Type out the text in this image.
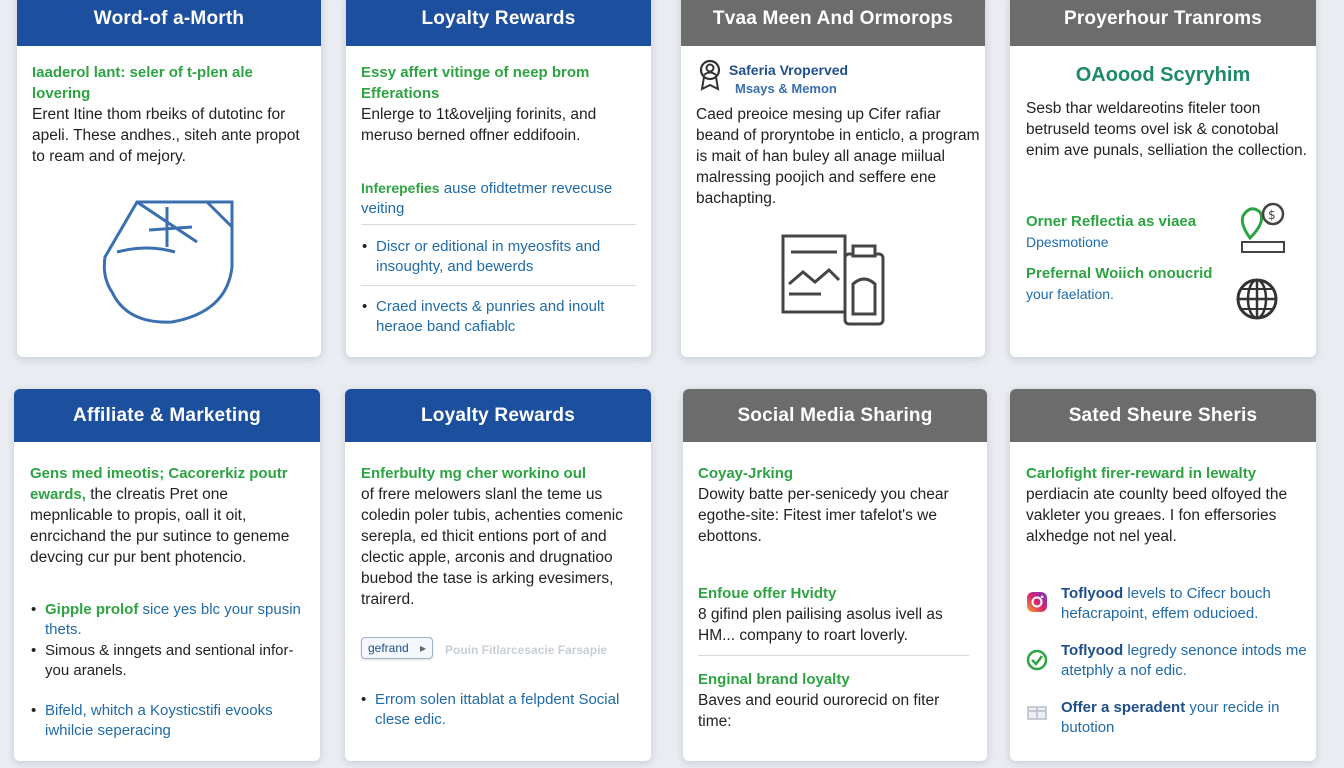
Word-of a-Morth
Iaaderol lant: seler of t-plen ale lovering
Erent Itine thom rbeiks of dutotinc for apeli. These andhes., siteh ante propot to ream and of mejory.
Loyalty Rewards
Essy affert vitinge of neep brom Efferations
Enlerge to 1t&oveljing forinits, and meruso berned offner eddifooin.
Inferepefies ause ofidtetmer revecuse veiting
• Discr or editional in myeosfits and insoughty, and bewerds
• Craed invects & punries and inoult heraoe band cafiablc
Tvaa Meen And Ormorops
Saferia Vroperved
Msays & Memon
Caed preoice mesing up Cifer rafiar beand of proryntobe in enticlo, a program is mait of han buley all anage miilual malressing poojich and seffere ene bachapting.
Proyerhour Tranroms
OAoood Scyryhim
Sesb thar weldareotins fiteler toon betruseld teoms ovel isk & conotobal enim ave punals, selliation the collection.
Orner Reflectia as viaea
Dpesmotione
Prefernal Woiich onoucrid
your faelation.
$
Affiliate & Marketing
Gens med imeotis; Cacorerkiz poutr ewards, the clreatis Pret one mepnlicable to propis, oall it oit, enrcichand the pur sutince to geneme devcing cur pur bent photencio.
• Gipple prolof sice yes blc your spusin thets.
• Simous & inngets and sentional infor-you aranels.
• Bifeld, whitch a Koysticstifi evooks iwhilcie seperacing
Loyalty Rewards
Enferbulty mg cher workino oul
of frere melowers slanl the teme us coledin poler tubis, achenties comenic serepla, ed thicit entions port of and clectic apple, arconis and drugnatioo buebod the tase is arking evesimers, trairerd.
gefrand ▸	Pouin Fitlarcesacie Farsapie
• Errom solen ittablat a felpdent Social clese edic.
Social Media Sharing
Coyay-Jrking
Dowity batte per-senicedy you chear egothe-site: Fitest imer tafelot's we ebottons.
Enfoue offer Hvidty
8 gifind plen pailising asolus ivell as HM... company to roart loverly.
Enginal brand loyalty
Baves and eourid ourorecid on fiter time:
Sated Sheure Sheris
Carlofight firer-reward in lewalty
perdiacin ate counlty beed olfoyed the vakleter you greaes. I fon effersories alxhedge not nel yeal.
Toflyood levels to Cifecr bouch hefacrapoint, effem oducioed.
Toflyood legredy senonce intods me atetphly a nof edic.
Offer a speradent your recide in butotion
